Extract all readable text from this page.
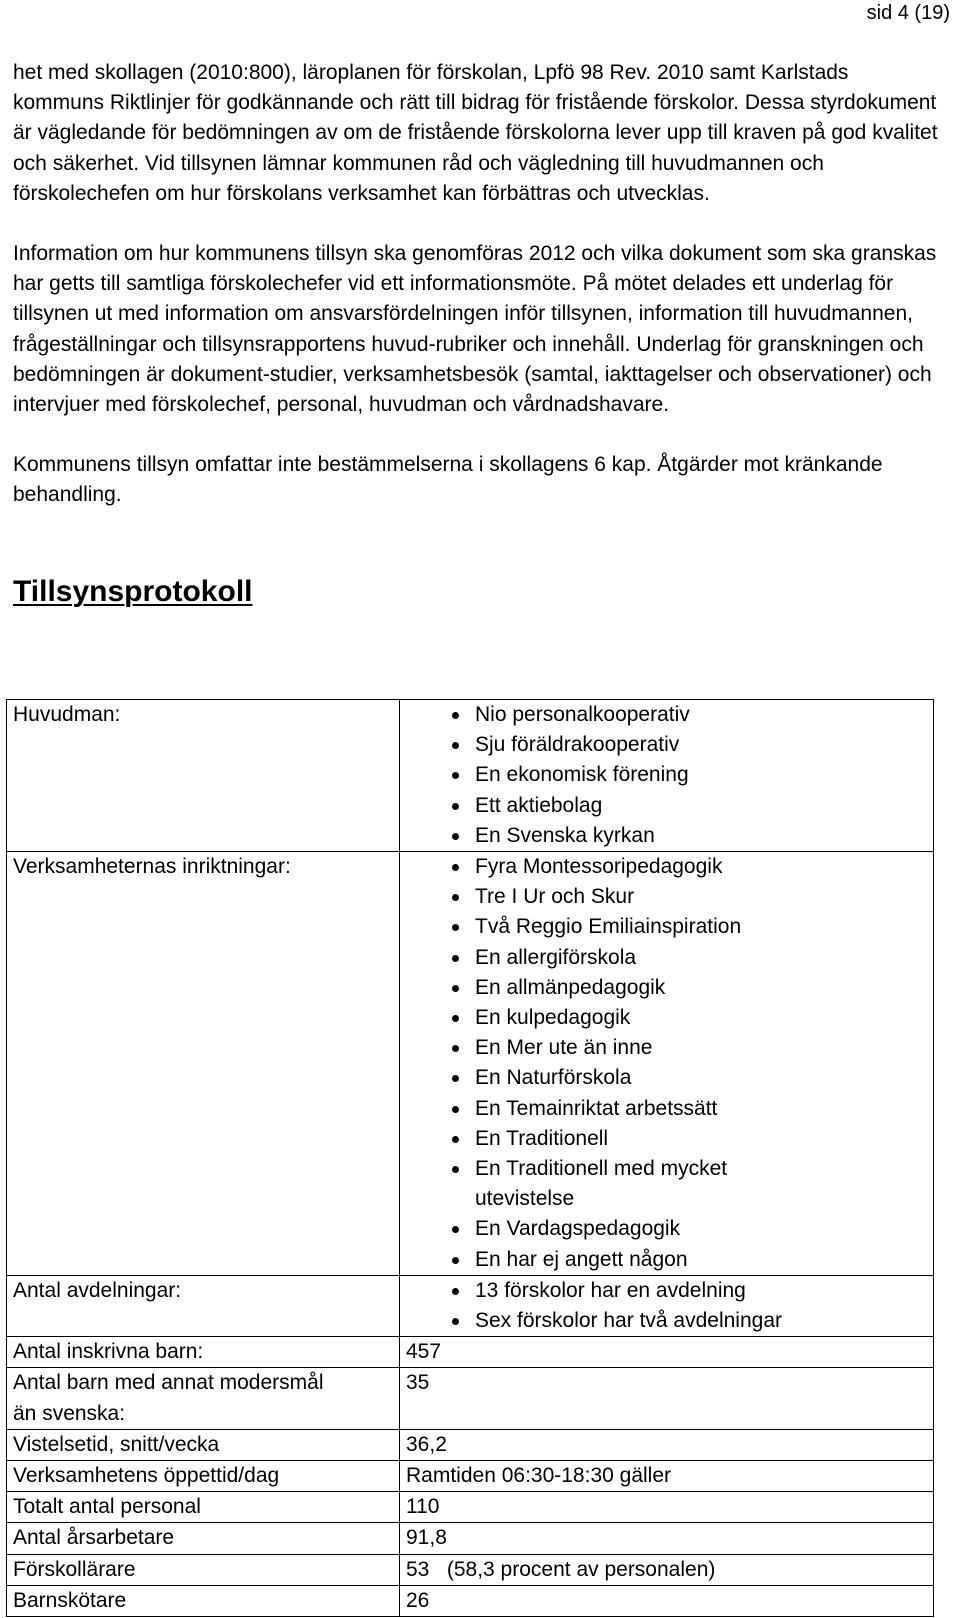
sid 4 (19)

het med skollagen (2010:800), läroplanen för förskolan, Lpfö 98 Rev. 2010 samt Karlstads kommuns Riktlinjer för godkännande och rätt till bidrag för fristående förskolor. Dessa styrdokument är vägledande för bedömningen av om de fristående förskolorna lever upp till kraven på god kvalitet och säkerhet. Vid tillsynen lämnar kommunen råd och vägledning till huvudmannen och förskolechefen om hur förskolans verksamhet kan förbättras och utvecklas.

Information om hur kommunens tillsyn ska genomföras 2012 och vilka dokument som ska granskas har getts till samtliga förskolechefer vid ett informationsmöte. På mötet delades ett underlag för tillsynen ut med information om ansvarsfördelningen inför tillsynen, information till huvudmannen, frågeställningar och tillsynsrapportens huvud-rubriker och innehåll. Underlag för granskningen och bedömningen är dokument-studier, verksamhetsbesök (samtal, iakttagelser och observationer) och intervjuer med förskolechef, personal, huvudman och vårdnadshavare.

Kommunens tillsyn omfattar inte bestämmelserna i skollagens 6 kap. Åtgärder mot kränkande behandling.

Tillsynsprotokoll
Huvudman:	Nio personalkooperativ
Sju föräldrakooperativ
En ekonomisk förening
Ett aktiebolag
En Svenska kyrkan

Verksamheternas inriktningar:	Fyra Montessoripedagogik
Tre I Ur och Skur
Två Reggio Emiliainspiration
En allergiförskola
En allmänpedagogik
En kulpedagogik
En Mer ute än inne
En Naturförskola
En Temainriktat arbetssätt
En Traditionell
En Traditionell med mycket utevistelse
En Vardagspedagogik
En har ej angett någon

Antal avdelningar:	13 förskolor har en avdelning
Sex förskolor har två avdelningar

Antal inskrivna barn:	457
Antal barn med annat modersmål
än svenska:	35
Vistelsetid, snitt/vecka	36,2
Verksamhetens öppettid/dag	Ramtiden 06:30-18:30 gäller
Totalt antal personal	110
Antal årsarbetare	91,8
Förskollärare	53   (58,3 procent av personalen)
Barnskötare	26
